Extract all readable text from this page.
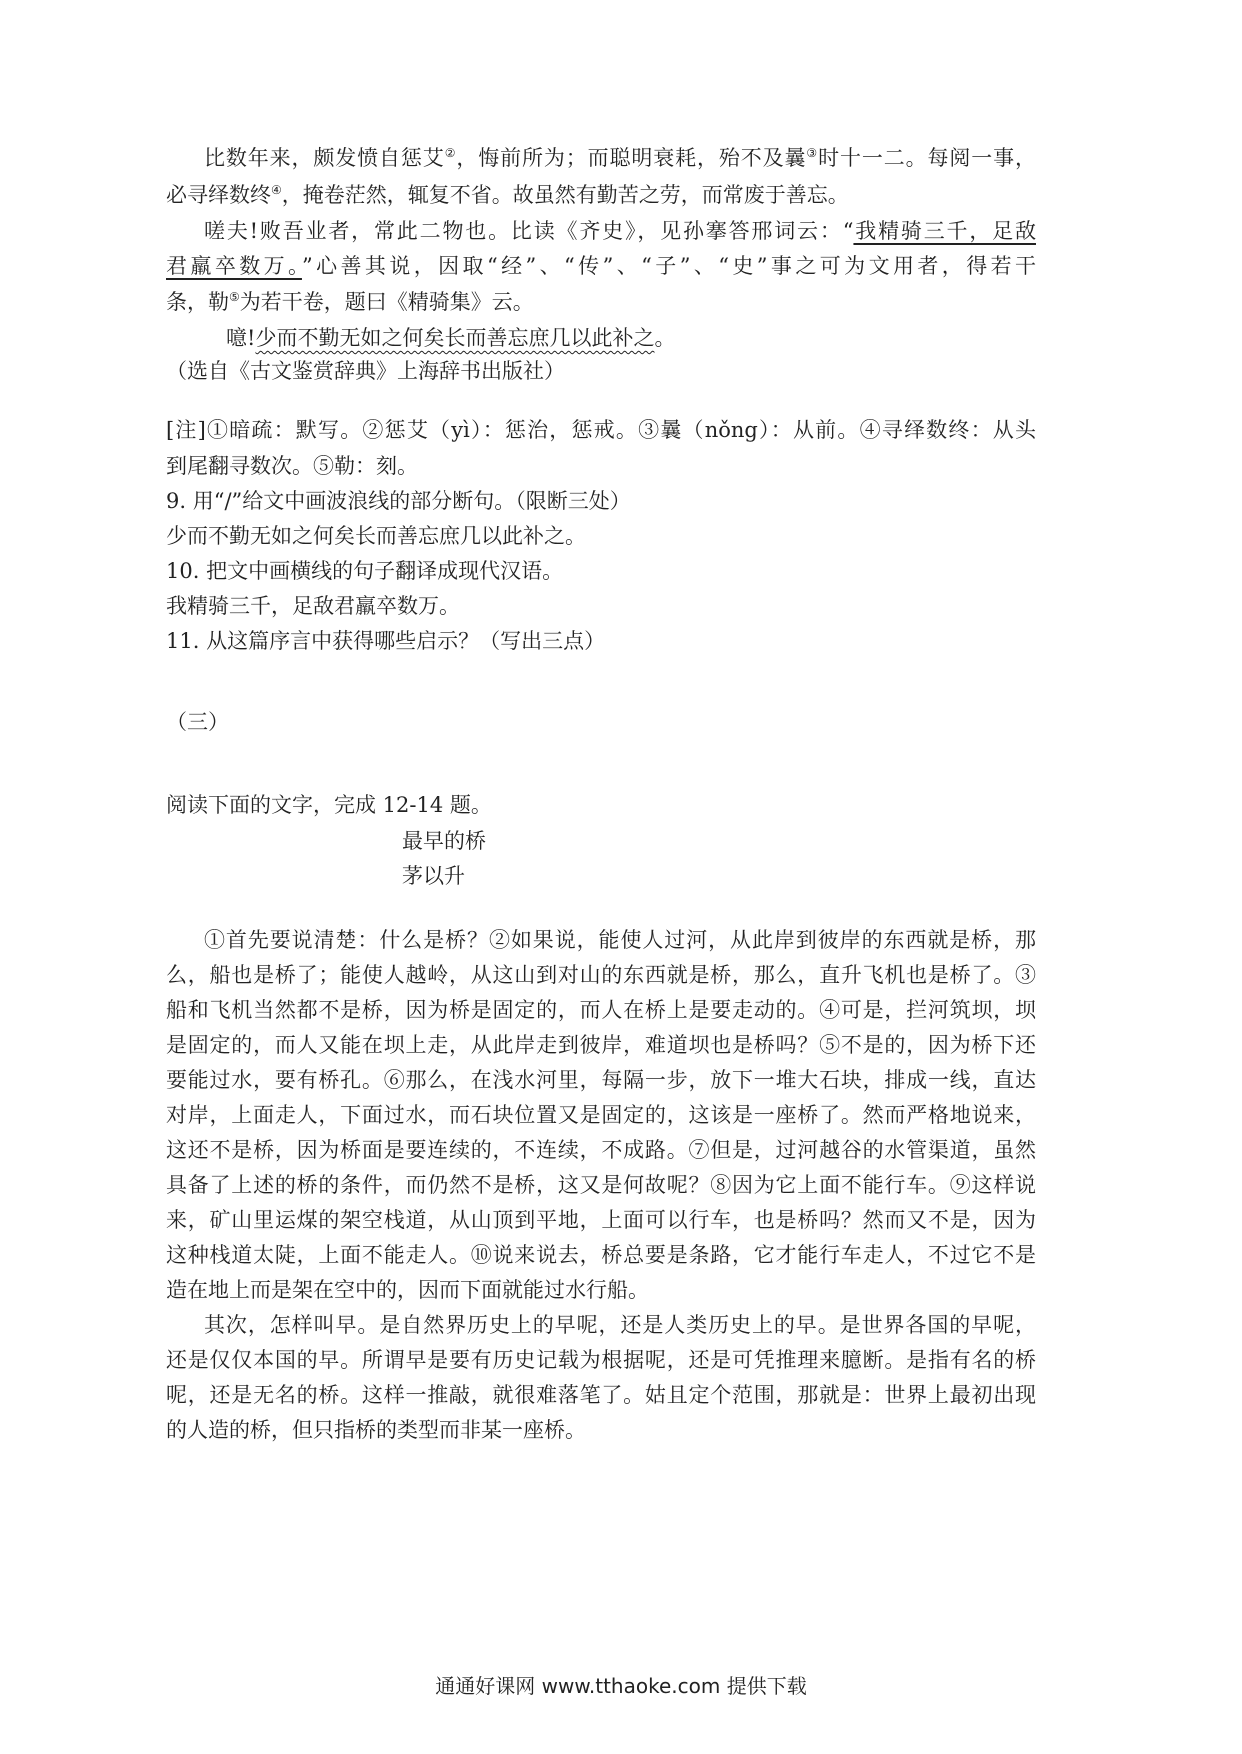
比数年来，颇发愤自惩艾②，悔前所为；而聪明衰耗，殆不及曩③时十一二。每阅一事，
必寻绎数终④，掩卷茫然，辄复不省。故虽然有勤苦之劳，而常废于善忘。
嗟夫!败吾业者，常此二物也。比读《齐史》，见孙搴答邢词云：“我精骑三千，足敌
君羸卒数万。”心善其说，因取“经”、“传”、“子”、“史”事之可为文用者，得若干
条，勒⑤为若干卷，题曰《精骑集》云。
噫!少而不勤无如之何矣长而善忘庶几以此补之。
（选自《古文鉴赏辞典》上海辞书出版社）
[注]①暗疏：默写。②惩艾（yì）：惩治，惩戒。③曩（nǒng）：从前。④寻绎数终：从头
到尾翻寻数次。⑤勒：刻。
9. 用“/”给文中画波浪线的部分断句。（限断三处）
少而不勤无如之何矣长而善忘庶几以此补之。
10. 把文中画横线的句子翻译成现代汉语。
我精骑三千，足敌君羸卒数万。
11. 从这篇序言中获得哪些启示？（写出三点）
（三）
阅读下面的文字，完成 12-14 题。
最早的桥
茅以升
①首先要说清楚：什么是桥？②如果说，能使人过河，从此岸到彼岸的东西就是桥，那
么，船也是桥了；能使人越岭，从这山到对山的东西就是桥，那么，直升飞机也是桥了。③
船和飞机当然都不是桥，因为桥是固定的，而人在桥上是要走动的。④可是，拦河筑坝，坝
是固定的，而人又能在坝上走，从此岸走到彼岸，难道坝也是桥吗？⑤不是的，因为桥下还
要能过水，要有桥孔。⑥那么，在浅水河里，每隔一步，放下一堆大石块，排成一线，直达
对岸，上面走人，下面过水，而石块位置又是固定的，这该是一座桥了。然而严格地说来，
这还不是桥，因为桥面是要连续的，不连续，不成路。⑦但是，过河越谷的水管渠道，虽然
具备了上述的桥的条件，而仍然不是桥，这又是何故呢？⑧因为它上面不能行车。⑨这样说
来，矿山里运煤的架空栈道，从山顶到平地，上面可以行车，也是桥吗？然而又不是，因为
这种栈道太陡，上面不能走人。⑩说来说去，桥总要是条路，它才能行车走人，不过它不是
造在地上而是架在空中的，因而下面就能过水行船。
其次，怎样叫早。是自然界历史上的早呢，还是人类历史上的早。是世界各国的早呢，
还是仅仅本国的早。所谓早是要有历史记载为根据呢，还是可凭推理来臆断。是指有名的桥
呢，还是无名的桥。这样一推敲，就很难落笔了。姑且定个范围，那就是：世界上最初出现
的人造的桥，但只指桥的类型而非某一座桥。
通通好课网 www.tthaoke.com 提供下载
